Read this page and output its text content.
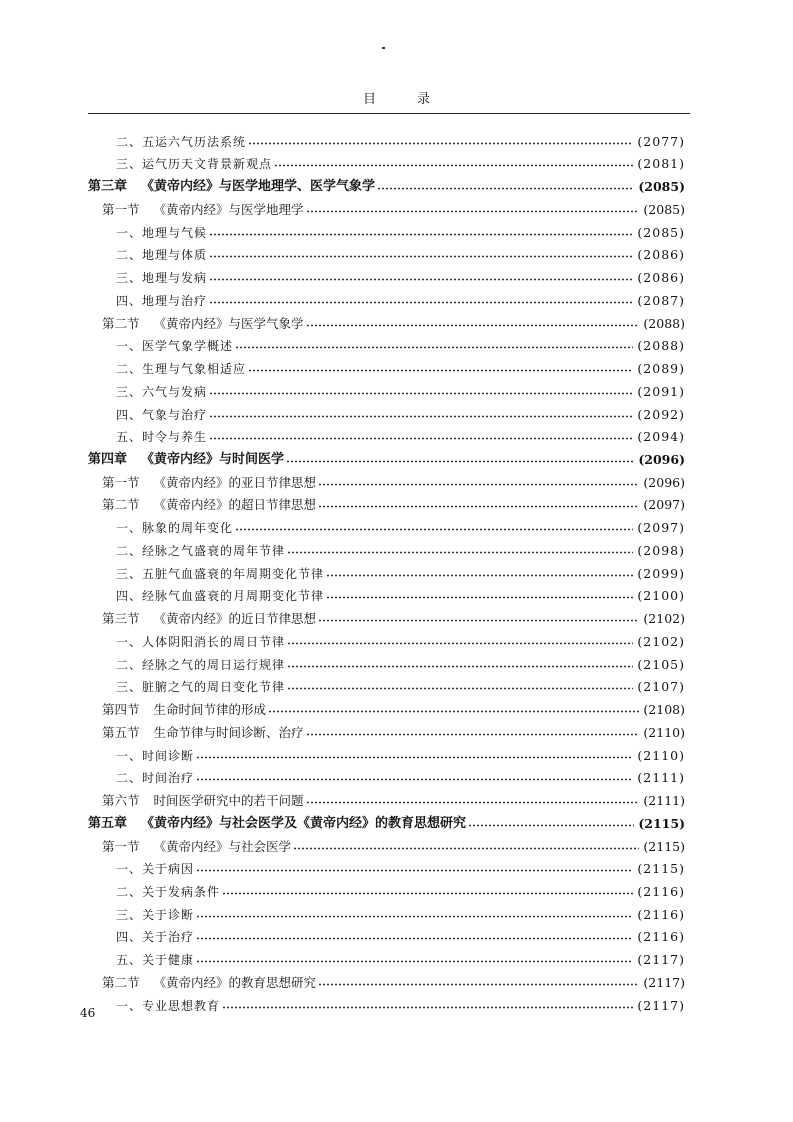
目　录
二、五运六气历法系统	(2077)
三、运气历天文背景新观点	(2081)
第三章 《黄帝内经》与医学地理学、医学气象学	(2085)
第一节 《黄帝内经》与医学地理学	(2085)
一、地理与气候	(2085)
二、地理与体质	(2086)
三、地理与发病	(2086)
四、地理与治疗	(2087)
第二节 《黄帝内经》与医学气象学	(2088)
一、医学气象学概述	(2088)
二、生理与气象相适应	(2089)
三、六气与发病	(2091)
四、气象与治疗	(2092)
五、时令与养生	(2094)
第四章 《黄帝内经》与时间医学	(2096)
第一节 《黄帝内经》的亚日节律思想	(2096)
第二节 《黄帝内经》的超日节律思想	(2097)
一、脉象的周年变化	(2097)
二、经脉之气盛衰的周年节律	(2098)
三、五脏气血盛衰的年周期变化节律	(2099)
四、经脉气血盛衰的月周期变化节律	(2100)
第三节 《黄帝内经》的近日节律思想	(2102)
一、人体阴阳消长的周日节律	(2102)
二、经脉之气的周日运行规律	(2105)
三、脏腑之气的周日变化节律	(2107)
第四节 生命时间节律的形成	(2108)
第五节 生命节律与时间诊断、治疗	(2110)
一、时间诊断	(2110)
二、时间治疗	(2111)
第六节 时间医学研究中的若干问题	(2111)
第五章 《黄帝内经》与社会医学及《黄帝内经》的教育思想研究	(2115)
第一节 《黄帝内经》与社会医学	(2115)
一、关于病因	(2115)
二、关于发病条件	(2116)
三、关于诊断	(2116)
四、关于治疗	(2116)
五、关于健康	(2117)
第二节 《黄帝内经》的教育思想研究	(2117)
一、专业思想教育	(2117)
46
